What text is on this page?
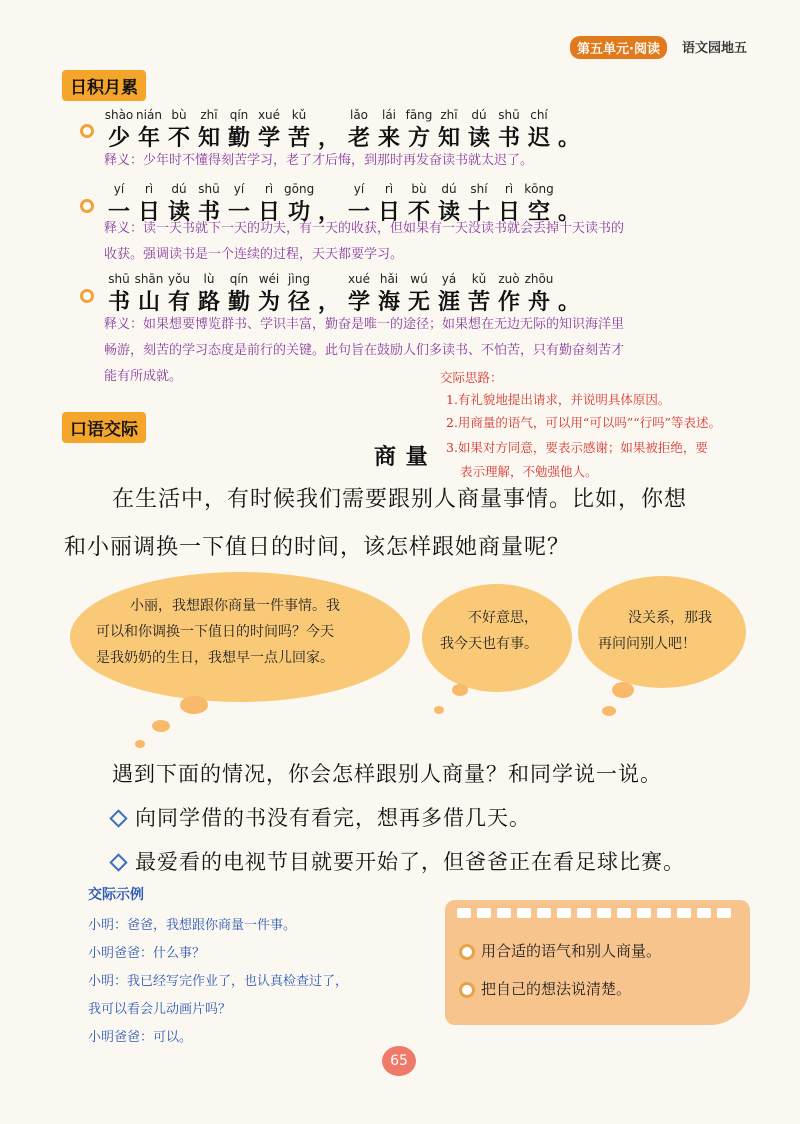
第五单元·阅读	语文园地五
日积月累
shào nián bù	zhī	qín xué kǔ	lǎo	lái fāng zhī	dú shū chí
少 年 不 知 勤 学 苦 ， 老 来 方 知 读 书 迟 。
释义：少年时不懂得刻苦学习，老了才后悔，到那时再发奋读书就太迟了。
yí	rì	dú shū	yí	rì gōng	yí	rì	bù	dú	shí	rì kōng
一 日 读 书 一 日 功 ， 一 日 不 读 十 日 空 。
释义：读一天书就下一天的功夫，有一天的收获，但如果有一天没读书就会丢掉十天读书的
收获。强调读书是一个连续的过程，天天都要学习。
shū shān yǒu	lù	qín wéi jìng	xué hǎi	wú	yá	kǔ	zuò zhōu
书 山 有 路 勤 为 径 ， 学 海 无 涯 苦 作 舟 。
释义：如果想要博览群书、学识丰富，勤奋是唯一的途径；如果想在无边无际的知识海洋里
畅游，刻苦的学习态度是前行的关键。此句旨在鼓励人们多读书、不怕苦，只有勤奋刻苦才
能有所成就。	交际思路：
1.有礼貌地提出请求，并说明具体原因。
2.用商量的语气，可以用“可以吗”“行吗”等表述。
3.如果对方同意，要表示感谢；如果被拒绝，要
表示理解，不勉强他人。
口语交际
商 量
在生活中，有时候我们需要跟别人商量事情。比如，你想
和小丽调换一下值日的时间，该怎样跟她商量呢？
小丽，我想跟你商量一件事情。我
可以和你调换一下值日的时间吗？今天
是我奶奶的生日，我想早一点儿回家。
不好意思，
我今天也有事。
没关系，那我
再问问别人吧！
遇到下面的情况，你会怎样跟别人商量？和同学说一说。
向同学借的书没有看完，想再多借几天。
最爱看的电视节目就要开始了，但爸爸正在看足球比赛。
交际示例
小明：爸爸，我想跟你商量一件事。
小明爸爸：什么事？
小明：我已经写完作业了，也认真检查过了，
我可以看会儿动画片吗？
小明爸爸：可以。
用合适的语气和别人商量。
把自己的想法说清楚。
65
